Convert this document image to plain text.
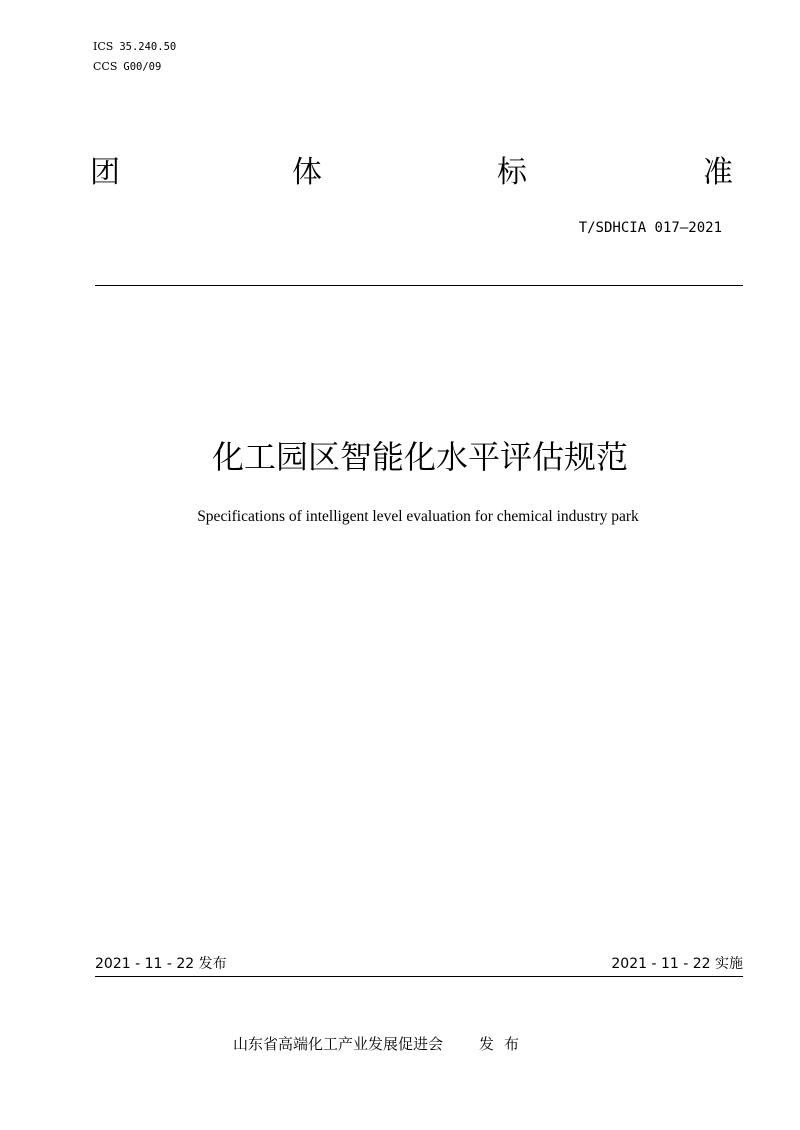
ICS 35.240.50
CCS G00/09
团	体	标	准
T/SDHCIA 017—2021
化工园区智能化水平评估规范
Specifications of intelligent level evaluation for chemical industry park
2021 - 11 - 22 发布	2021 - 11 - 22 实施
山东省高端化工产业发展促进会 发布
